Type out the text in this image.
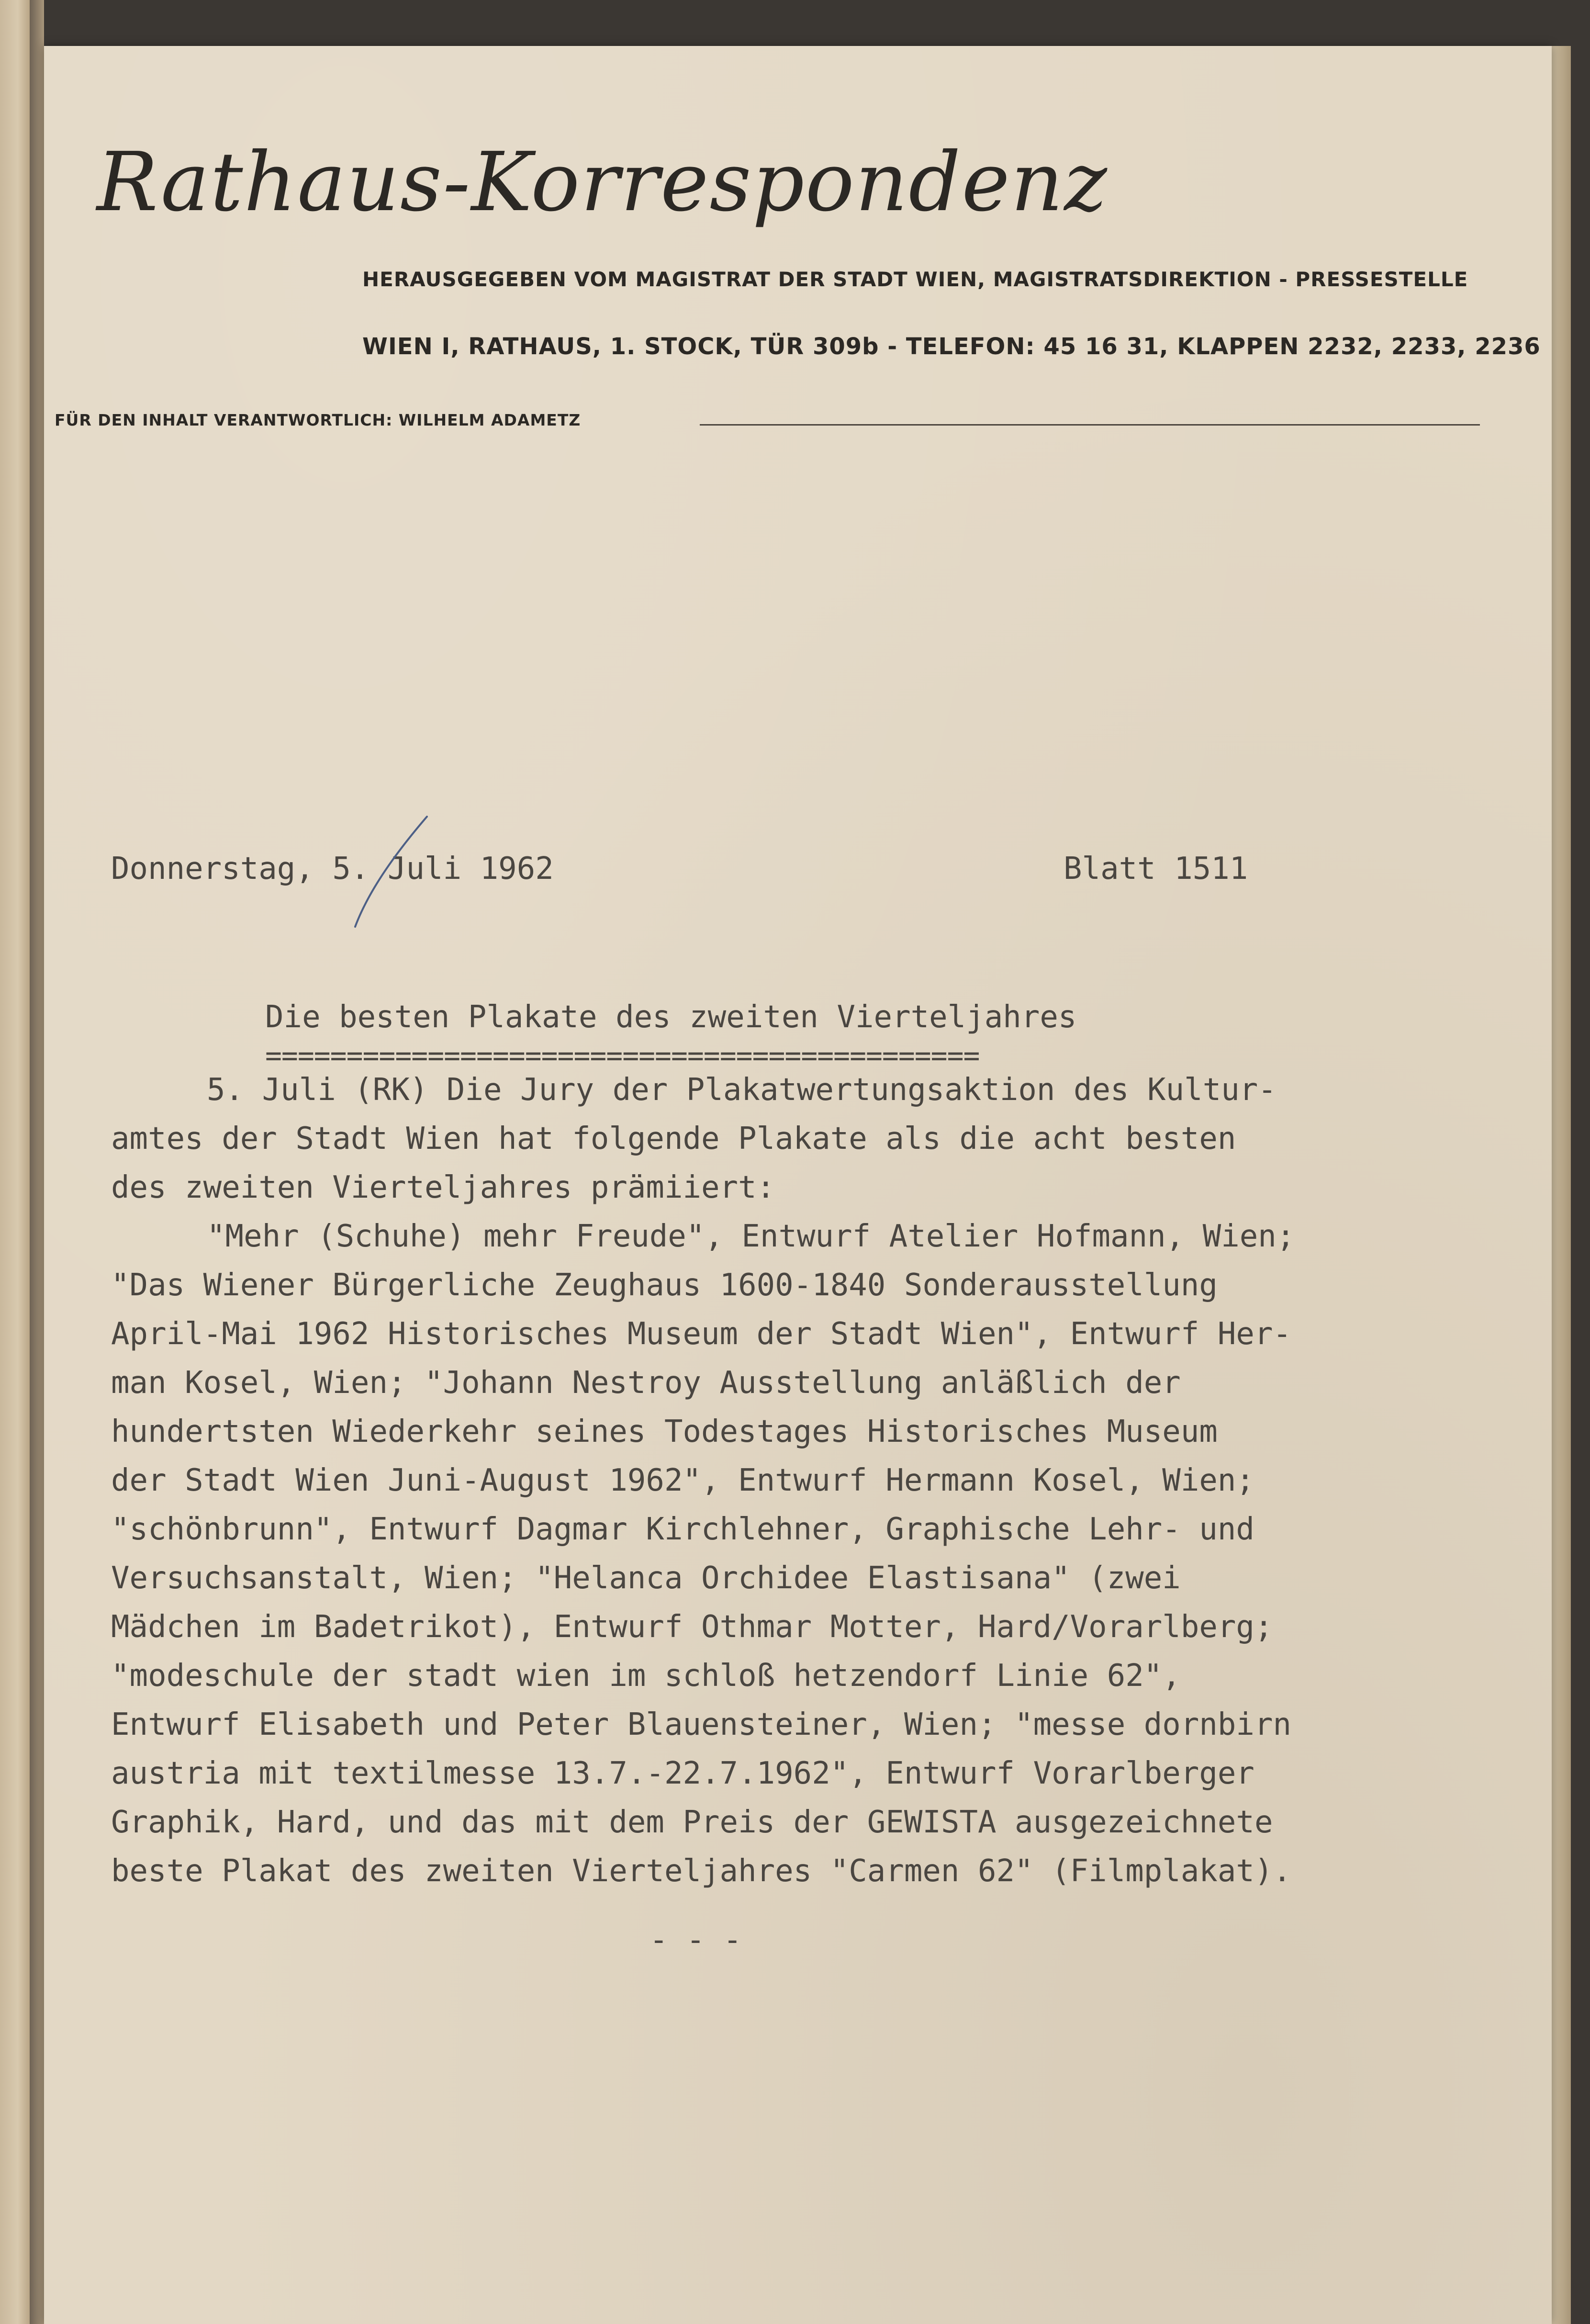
Rathaus-Korrespondenz
HERAUSGEGEBEN VOM MAGISTRAT DER STADT WIEN, MAGISTRATSDIREKTION - PRESSESTELLE
WIEN I, RATHAUS, 1. STOCK, TÜR 309b - TELEFON: 45 16 31, KLAPPEN 2232, 2233, 2236
FÜR DEN INHALT VERANTWORTLICH: WILHELM ADAMETZ
Donnerstag, 5. Juli 1962	Blatt 1511
Die besten Plakate des zweiten Vierteljahres
============================================
5. Juli (RK) Die Jury der Plakatwertungsaktion des Kultur-
amtes der Stadt Wien hat folgende Plakate als die acht besten
des zweiten Vierteljahres prämiiert:
"Mehr (Schuhe) mehr Freude", Entwurf Atelier Hofmann, Wien;
"Das Wiener Bürgerliche Zeughaus 1600-1840 Sonderausstellung
April-Mai 1962 Historisches Museum der Stadt Wien", Entwurf Her-
man Kosel, Wien; "Johann Nestroy Ausstellung anläßlich der
hundertsten Wiederkehr seines Todestages Historisches Museum
der Stadt Wien Juni-August 1962", Entwurf Hermann Kosel, Wien;
"schönbrunn", Entwurf Dagmar Kirchlehner, Graphische Lehr- und
Versuchsanstalt, Wien; "Helanca Orchidee Elastisana" (zwei
Mädchen im Badetrikot), Entwurf Othmar Motter, Hard/Vorarlberg;
"modeschule der stadt wien im schloß hetzendorf Linie 62",
Entwurf Elisabeth und Peter Blauensteiner, Wien; "messe dornbirn
austria mit textilmesse 13.7.-22.7.1962", Entwurf Vorarlberger
Graphik, Hard, und das mit dem Preis der GEWISTA ausgezeichnete
beste Plakat des zweiten Vierteljahres "Carmen 62" (Filmplakat).
- - -
